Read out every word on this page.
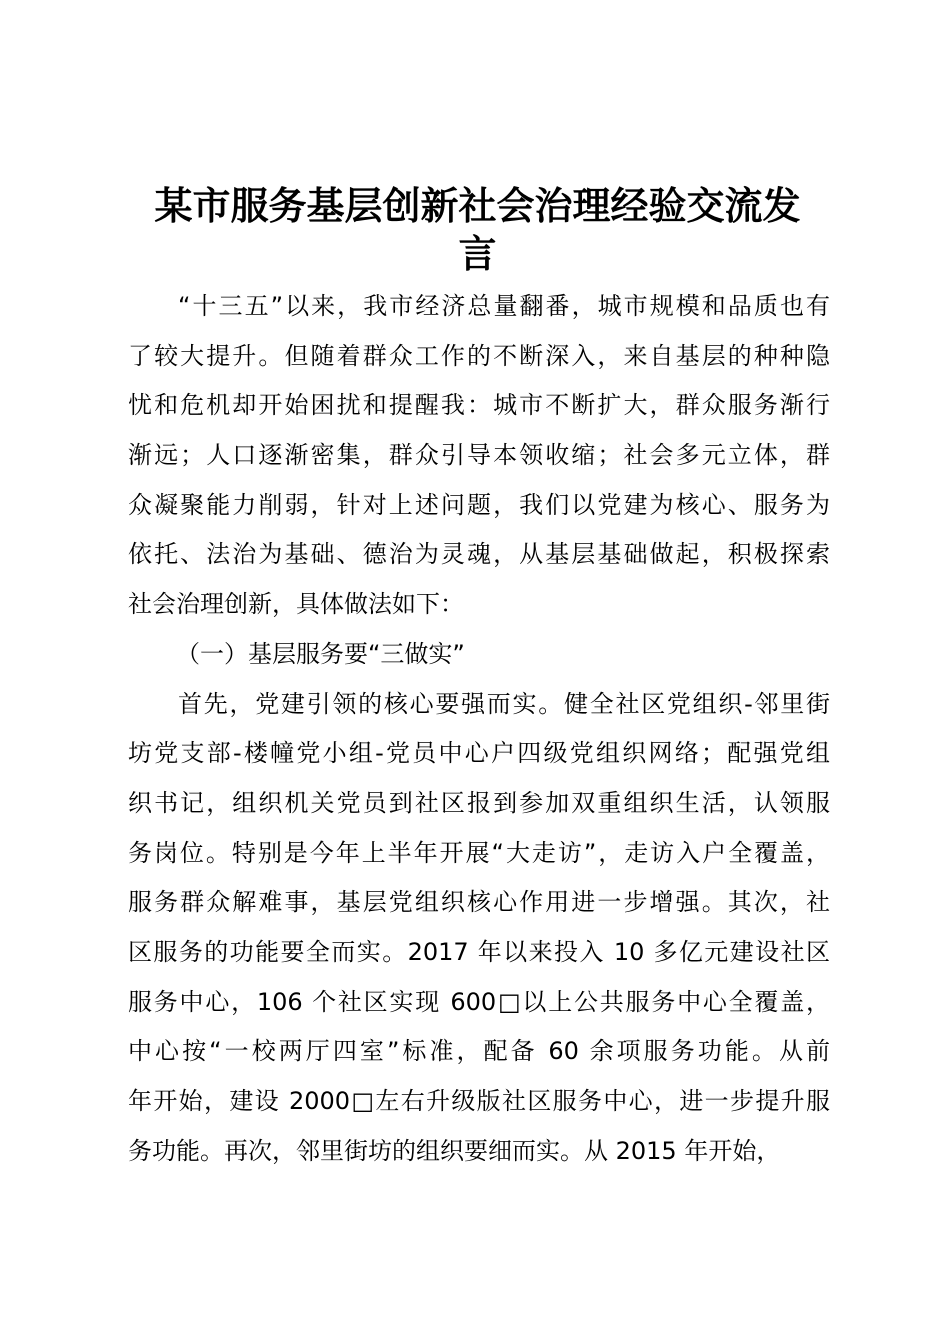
某市服务基层创新社会治理经验交流发
言
“十三五”以来，我市经济总量翻番，城市规模和品质也有
了较大提升。但随着群众工作的不断深入，来自基层的种种隐
忧和危机却开始困扰和提醒我：城市不断扩大，群众服务渐行
渐远；人口逐渐密集，群众引导本领收缩；社会多元立体，群
众凝聚能力削弱，针对上述问题，我们以党建为核心、服务为
依托、法治为基础、德治为灵魂，从基层基础做起，积极探索
社会治理创新，具体做法如下：
（一）基层服务要“三做实”
首先，党建引领的核心要强而实。健全社区党组织-邻里街
坊党支部-楼幢党小组-党员中心户四级党组织网络；配强党组
织书记，组织机关党员到社区报到参加双重组织生活，认领服
务岗位。特别是今年上半年开展“大走访”，走访入户全覆盖，
服务群众解难事，基层党组织核心作用进一步增强。其次，社
区服务的功能要全而实。2017 年以来投入 10 多亿元建设社区
服务中心，106 个社区实现 600□以上公共服务中心全覆盖，
中心按“一校两厅四室”标准，配备 60 余项服务功能。从前
年开始，建设 2000□左右升级版社区服务中心，进一步提升服
务功能。再次，邻里街坊的组织要细而实。从 2015 年开始，
